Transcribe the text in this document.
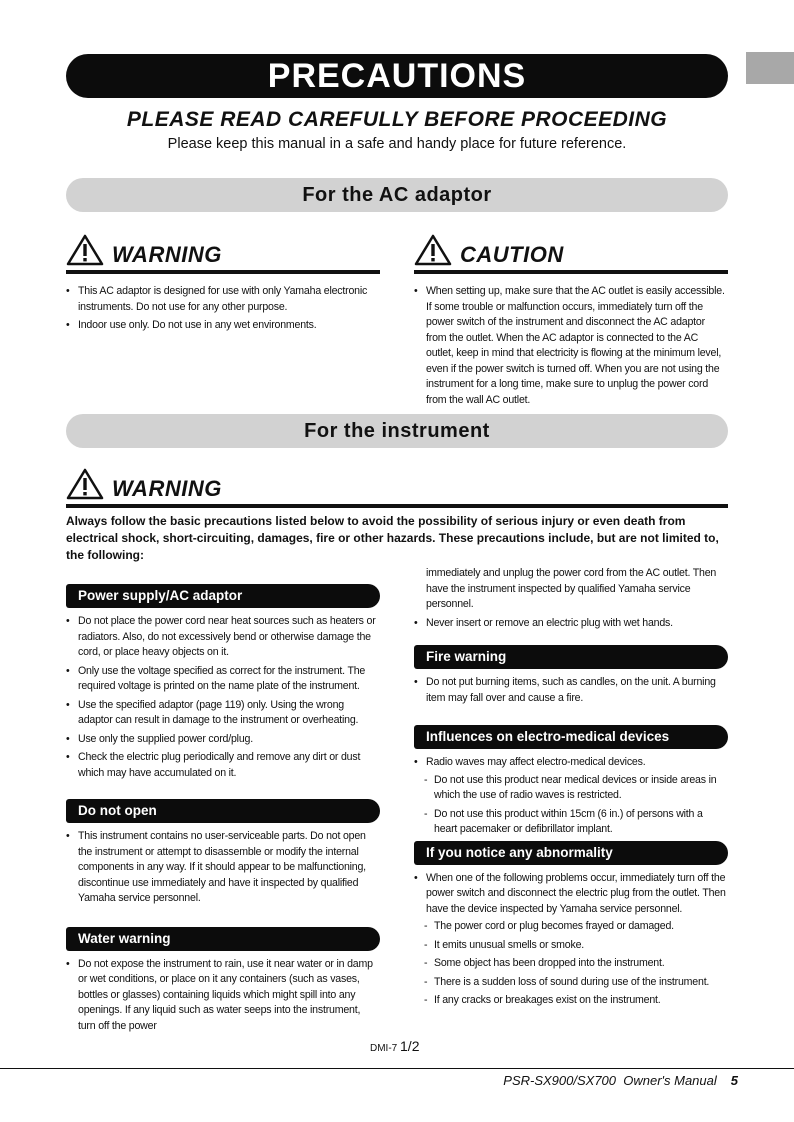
PRECAUTIONS
PLEASE READ CAREFULLY BEFORE PROCEEDING
Please keep this manual in a safe and handy place for future reference.
For the AC adaptor
WARNING
• This AC adaptor is designed for use with only Yamaha electronic instruments. Do not use for any other purpose.
• Indoor use only. Do not use in any wet environments.
CAUTION
• When setting up, make sure that the AC outlet is easily accessible. If some trouble or malfunction occurs, immediately turn off the power switch of the instrument and disconnect the AC adaptor from the outlet. When the AC adaptor is connected to the AC outlet, keep in mind that electricity is flowing at the minimum level, even if the power switch is turned off. When you are not using the instrument for a long time, make sure to unplug the power cord from the wall AC outlet.
For the instrument
WARNING
Always follow the basic precautions listed below to avoid the possibility of serious injury or even death from electrical shock, short-circuiting, damages, fire or other hazards. These precautions include, but are not limited to, the following:
Power supply/AC adaptor
• Do not place the power cord near heat sources such as heaters or radiators. Also, do not excessively bend or otherwise damage the cord, or place heavy objects on it.
• Only use the voltage specified as correct for the instrument. The required voltage is printed on the name plate of the instrument.
• Use the specified adaptor (page 119) only. Using the wrong adaptor can result in damage to the instrument or overheating.
• Use only the supplied power cord/plug.
• Check the electric plug periodically and remove any dirt or dust which may have accumulated on it.
Do not open
• This instrument contains no user-serviceable parts. Do not open the instrument or attempt to disassemble or modify the internal components in any way. If it should appear to be malfunctioning, discontinue use immediately and have it inspected by qualified Yamaha service personnel.
Water warning
• Do not expose the instrument to rain, use it near water or in damp or wet conditions, or place on it any containers (such as vases, bottles or glasses) containing liquids which might spill into any openings. If any liquid such as water seeps into the instrument, turn off the power
immediately and unplug the power cord from the AC outlet. Then have the instrument inspected by qualified Yamaha service personnel.
• Never insert or remove an electric plug with wet hands.
Fire warning
• Do not put burning items, such as candles, on the unit. A burning item may fall over and cause a fire.
Influences on electro-medical devices
• Radio waves may affect electro-medical devices.
- Do not use this product near medical devices or inside areas in which the use of radio waves is restricted.
- Do not use this product within 15cm (6 in.) of persons with a heart pacemaker or defibrillator implant.
If you notice any abnormality
• When one of the following problems occur, immediately turn off the power switch and disconnect the electric plug from the outlet. Then have the device inspected by Yamaha service personnel.
- The power cord or plug becomes frayed or damaged.
- It emits unusual smells or smoke.
- Some object has been dropped into the instrument.
- There is a sudden loss of sound during use of the instrument.
- If any cracks or breakages exist on the instrument.
DMI-7 1/2
PSR-SX900/SX700  Owner's Manual 5
